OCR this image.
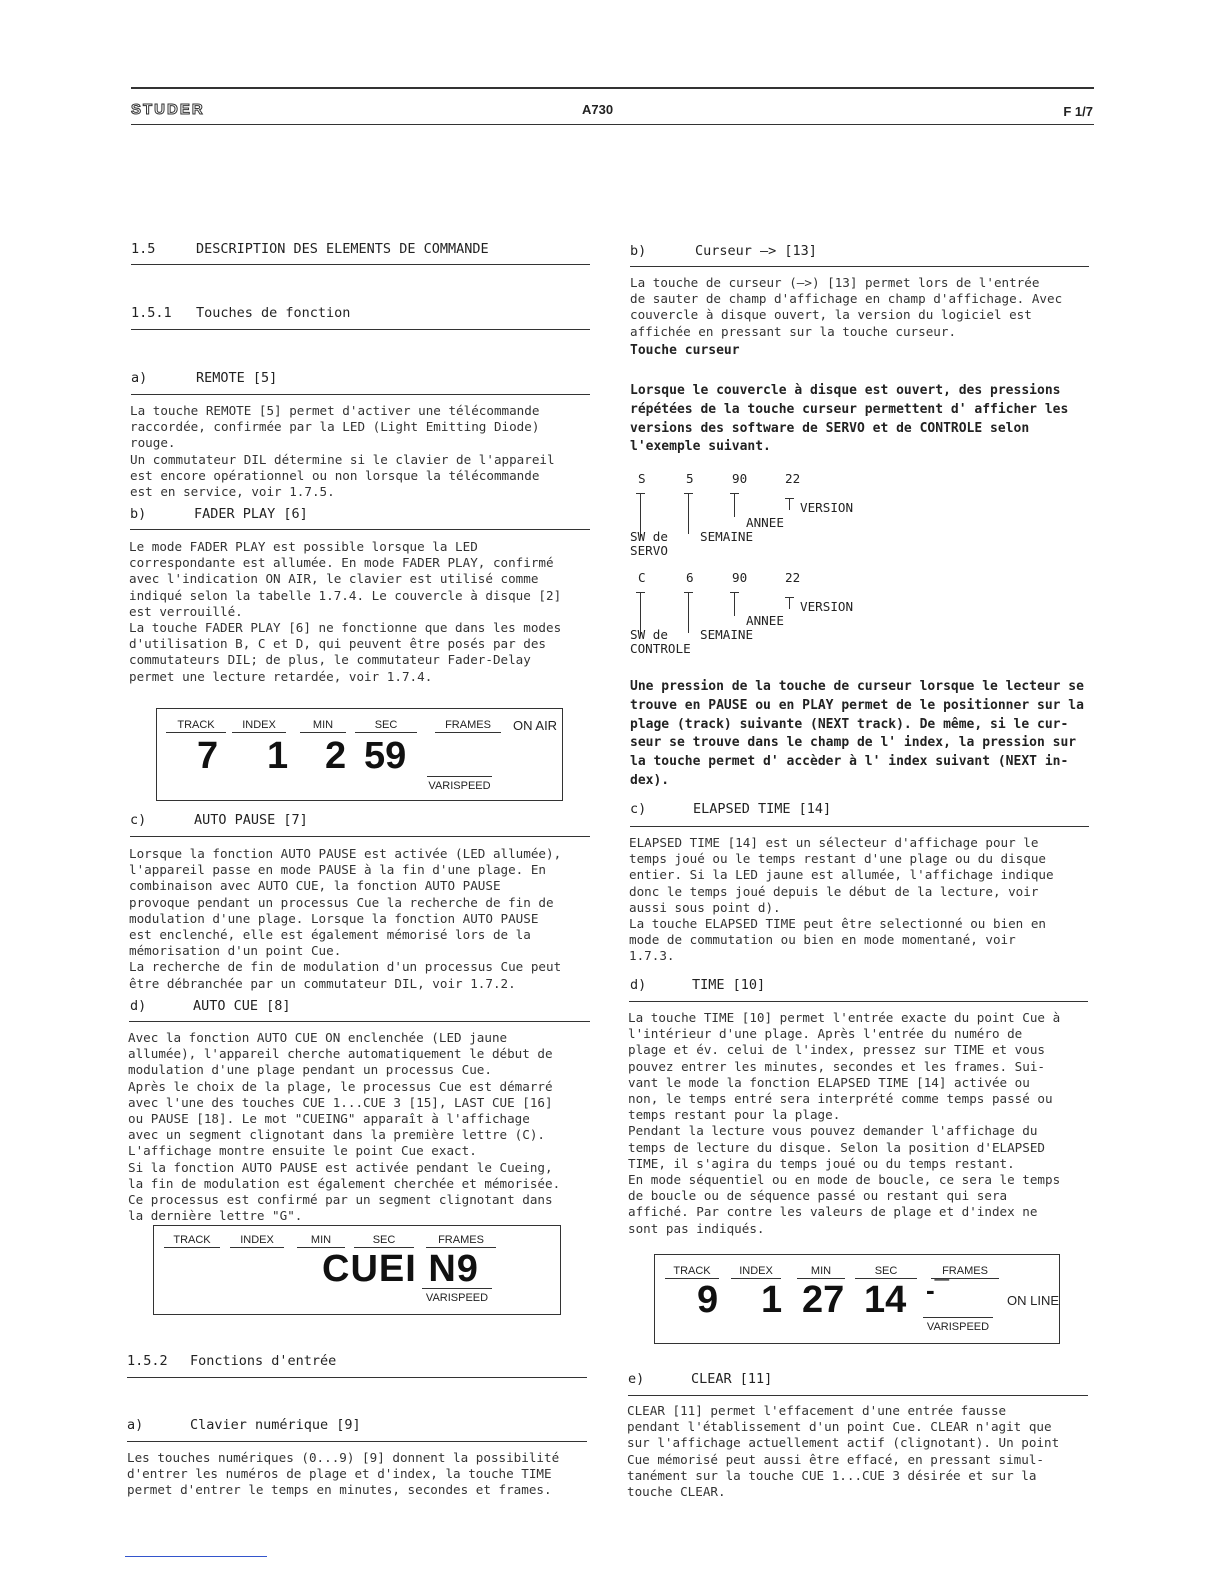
STUDER	A730	F 1/7
1.5	DESCRIPTION DES ELEMENTS DE COMMANDE
1.5.1 Touches de fonction
a)	REMOTE [5]
La touche REMOTE [5] permet d'activer une télécommande
raccordée, confirmée par la LED (Light Emitting Diode)
rouge.
Un commutateur DIL détermine si le clavier de l'appareil
est encore opérationnel ou non lorsque la télécommande
est en service, voir 1.7.5.
b)	FADER PLAY [6]
Le mode FADER PLAY est possible lorsque la LED
correspondante est allumée. En mode FADER PLAY, confirmé
avec l'indication ON AIR, le clavier est utilisé comme
indiqué selon la tabelle 1.7.4. Le couvercle à disque [2]
est verrouillé.
La touche FADER PLAY [6] ne fonctionne que dans les modes
d'utilisation B, C et D, qui peuvent être posés par des
commutateurs DIL; de plus, le commutateur Fader-Delay
permet une lecture retardée, voir 1.7.4.
TRACK	INDEX	MIN	SEC	FRAMES	ON AIR
7 1 2 59
VARISPEED
c)	AUTO PAUSE [7]
Lorsque la fonction AUTO PAUSE est activée (LED allumée),
l'appareil passe en mode PAUSE à la fin d'une plage. En
combinaison avec AUTO CUE, la fonction AUTO PAUSE
provoque pendant un processus Cue la recherche de fin de
modulation d'une plage. Lorsque la fonction AUTO PAUSE
est enclenché, elle est également mémorisé lors de la
mémorisation d'un point Cue.
La recherche de fin de modulation d'un processus Cue peut
être débranchée par un commutateur DIL, voir 1.7.2.
d)	AUTO CUE [8]
Avec la fonction AUTO CUE ON enclenchée (LED jaune
allumée), l'appareil cherche automatiquement le début de
modulation d'une plage pendant un processus Cue.
Après le choix de la plage, le processus Cue est démarré
avec l'une des touches CUE 1...CUE 3 [15], LAST CUE [16]
ou PAUSE [18]. Le mot "CUEING" apparaît à l'affichage
avec un segment clignotant dans la première lettre (C).
L'affichage montre ensuite le point Cue exact.
Si la fonction AUTO PAUSE est activée pendant le Cueing,
la fin de modulation est également cherchée et mémorisée.
Ce processus est confirmé par un segment clignotant dans
la dernière lettre "G".
TRACK	INDEX	MIN	SEC	FRAMES
CUEI N9
VARISPEED
1.5.2 Fonctions d'entrée
a)	Clavier numérique [9]
Les touches numériques (0...9) [9] donnent la possibilité
d'entrer les numéros de plage et d'index, la touche TIME
permet d'entrer le temps en minutes, secondes et frames.
b)	Curseur —> [13]
La touche de curseur (—>) [13] permet lors de l'entrée
de sauter de champ d'affichage en champ d'affichage. Avec
couvercle à disque ouvert, la version du logiciel est
affichée en pressant sur la touche curseur.
Touche curseur
Lorsque le couvercle à disque est ouvert, des pressions
répétées de la touche curseur permettent d' afficher les
versions des software de SERVO et de CONTROLE selon
l'exemple suivant.
S	5	90	22
VERSION
ANNEE
SEMAINE
SW de
SERVO
C	6	90	22
VERSION
ANNEE
SEMAINE
SW de
CONTROLE
Une pression de la touche de curseur lorsque le lecteur se
trouve en PAUSE ou en PLAY permet de le positionner sur la
plage (track) suivante (NEXT track). De même, si le cur-
seur se trouve dans le champ de l' index, la pression sur
la touche permet d' accèder à l' index suivant (NEXT in-
dex).
c)	ELAPSED TIME [14]
ELAPSED TIME [14] est un sélecteur d'affichage pour le
temps joué ou le temps restant d'une plage ou du disque
entier. Si la LED jaune est allumée, l'affichage indique
donc le temps joué depuis le début de la lecture, voir
aussi sous point d).
La touche ELAPSED TIME peut être selectionné ou bien en
mode de commutation ou bien en mode momentané, voir
1.7.3.
d)	TIME [10]
La touche TIME [10] permet l'entrée exacte du point Cue à
l'intérieur d'une plage. Après l'entrée du numéro de
plage et év. celui de l'index, pressez sur TIME et vous
pouvez entrer les minutes, secondes et les frames. Sui-
vant le mode la fonction ELAPSED TIME [14] activée ou
non, le temps entré sera interprété comme temps passé ou
temps restant pour la plage.
Pendant la lecture vous pouvez demander l'affichage du
temps de lecture du disque. Selon la position d'ELAPSED
TIME, il s'agira du temps joué ou du temps restant.
En mode séquentiel ou en mode de boucle, ce sera le temps
de boucle ou de séquence passé ou restant qui sera
affiché. Par contre les valeurs de plage et d'index ne
sont pas indiqués.
TRACK	INDEX	MIN	SEC	FRAMES
9 1 27 14 -¯	ON LINE
VARISPEED
e)	CLEAR [11]
CLEAR [11] permet l'effacement d'une entrée fausse
pendant l'établissement d'un point Cue. CLEAR n'agit que
sur l'affichage actuellement actif (clignotant). Un point
Cue mémorisé peut aussi être effacé, en pressant simul-
tanément sur la touche CUE 1...CUE 3 désirée et sur la
touche CLEAR.
